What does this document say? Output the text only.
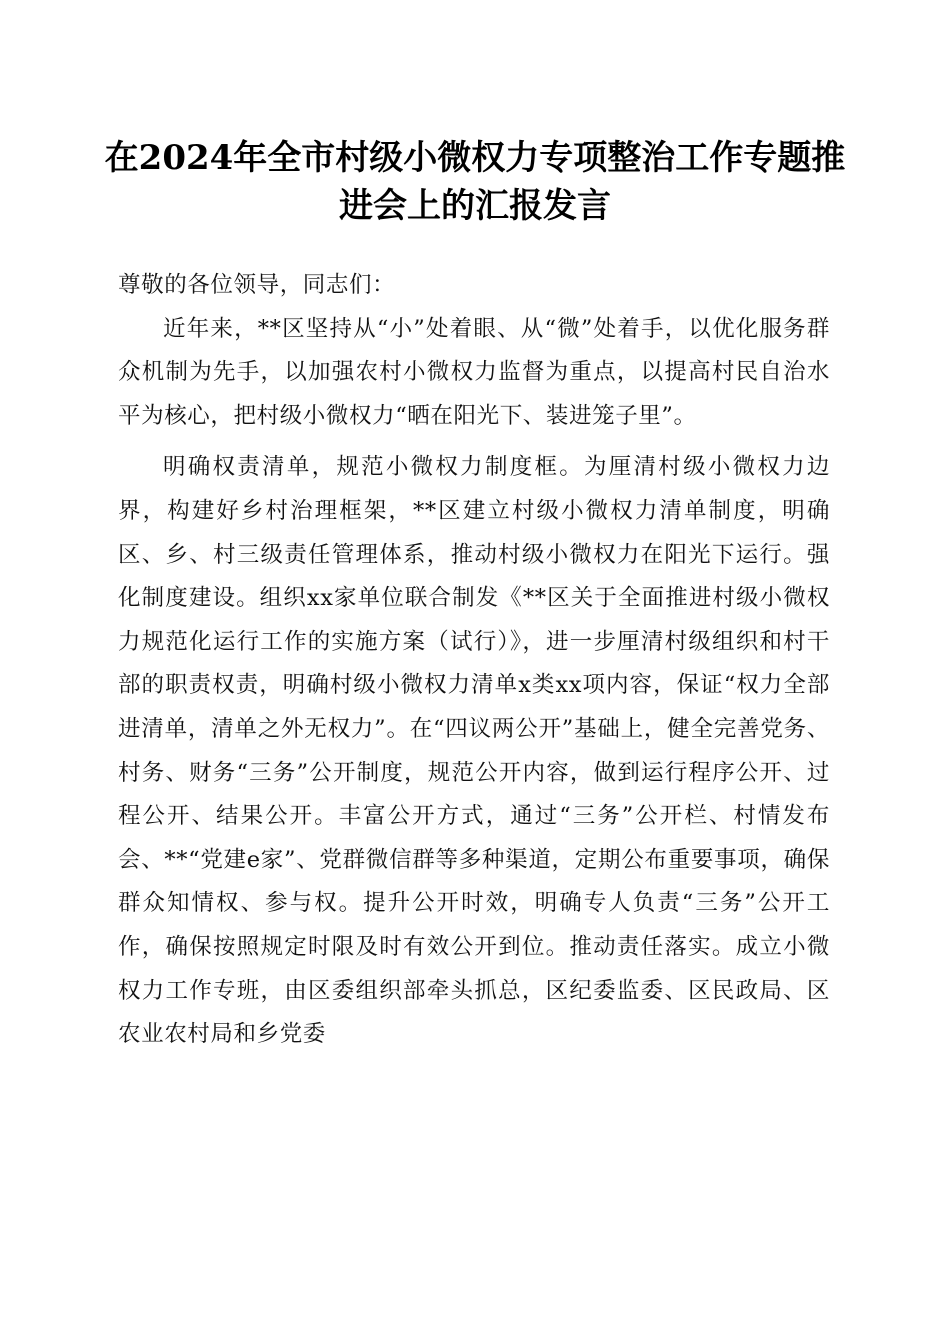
在2024年全市村级小微权力专项整治工作专题推进会上的汇报发言

尊敬的各位领导，同志们：

近年来，**区坚持从“小”处着眼、从“微”处着手，以优化服务群众机制为先手，以加强农村小微权力监督为重点，以提高村民自治水平为核心，把村级小微权力“晒在阳光下、装进笼子里”。

明确权责清单，规范小微权力制度框。为厘清村级小微权力边界，构建好乡村治理框架，**区建立村级小微权力清单制度，明确区、乡、村三级责任管理体系，推动村级小微权力在阳光下运行。强化制度建设。组织xx家单位联合制发《**区关于全面推进村级小微权力规范化运行工作的实施方案（试行）》，进一步厘清村级组织和村干部的职责权责，明确村级小微权力清单x类xx项内容，保证“权力全部进清单，清单之外无权力”。在“四议两公开”基础上，健全完善党务、村务、财务“三务”公开制度，规范公开内容，做到运行程序公开、过程公开、结果公开。丰富公开方式，通过“三务”公开栏、村情发布会、**“党建e家”、党群微信群等多种渠道，定期公布重要事项，确保群众知情权、参与权。提升公开时效，明确专人负责“三务”公开工作，确保按照规定时限及时有效公开到位。推动责任落实。成立小微权力工作专班，由区委组织部牵头抓总，区纪委监委、区民政局、区农业农村局和乡党委
